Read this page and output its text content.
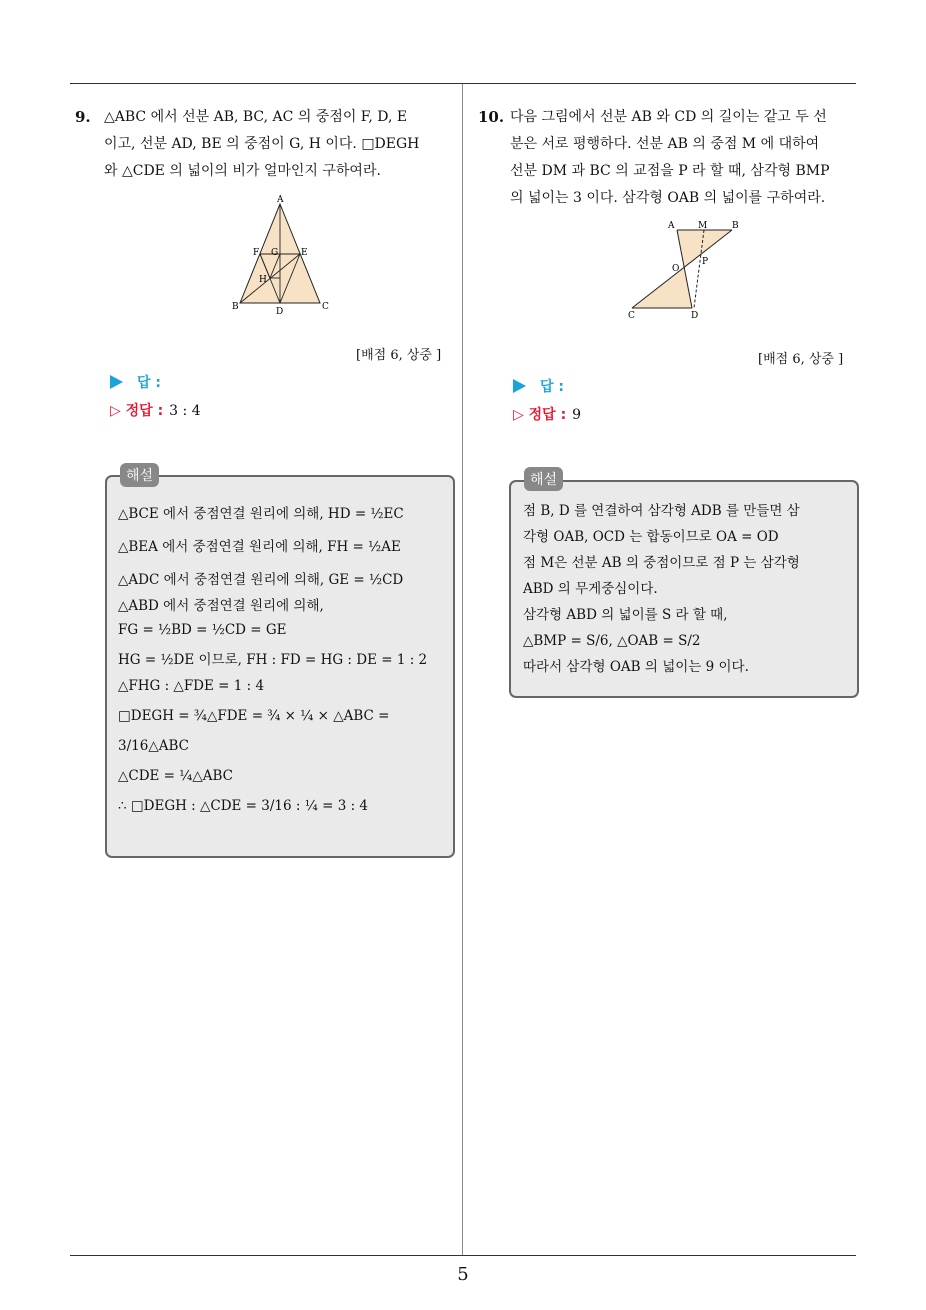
9. △ABC 에서 선분 AB, BC, AC 의 중점이 F, D, E
이고, 선분 AD, BE 의 중점이 G, H 이다. □DEGH
와 △CDE 의 넓이의 비가 얼마인지 구하여라.
A
F G	E
H
B	D	C
[배점 6, 상중 ]
답 :
▷ 정답 : 3 : 4
해설
△BCE 에서 중점연결 원리에 의해, HD = ½EC
△BEA 에서 중점연결 원리에 의해, FH = ½AE
△ADC 에서 중점연결 원리에 의해, GE = ½CD
△ABD 에서 중점연결 원리에 의해,
FG = ½BD = ½CD = GE
HG = ½DE 이므로, FH : FD = HG : DE = 1 : 2
△FHG : △FDE = 1 : 4
□DEGH = ¾△FDE = ¾ × ¼ × △ABC =
3/16△ABC
△CDE = ¼△ABC
∴ □DEGH : △CDE = 3/16 : ¼ = 3 : 4
10. 다음 그림에서 선분 AB 와 CD 의 길이는 같고 두 선
분은 서로 평행하다. 선분 AB 의 중점 M 에 대하여
선분 DM 과 BC 의 교점을 P 라 할 때, 삼각형 BMP
의 넓이는 3 이다. 삼각형 OAB 의 넓이를 구하여라.
A	M	B
O
P
C	D
[배점 6, 상중 ]
답 :
▷ 정답 : 9
해설
점 B, D 를 연결하여 삼각형 ADB 를 만들면 삼
각형 OAB, OCD 는 합동이므로 OA = OD
점 M은 선분 AB 의 중점이므로 점 P 는 삼각형
ABD 의 무게중심이다.
삼각형 ABD 의 넓이를 S 라 할 때,
△BMP = S/6, △OAB = S/2
따라서 삼각형 OAB 의 넓이는 9 이다.
5
